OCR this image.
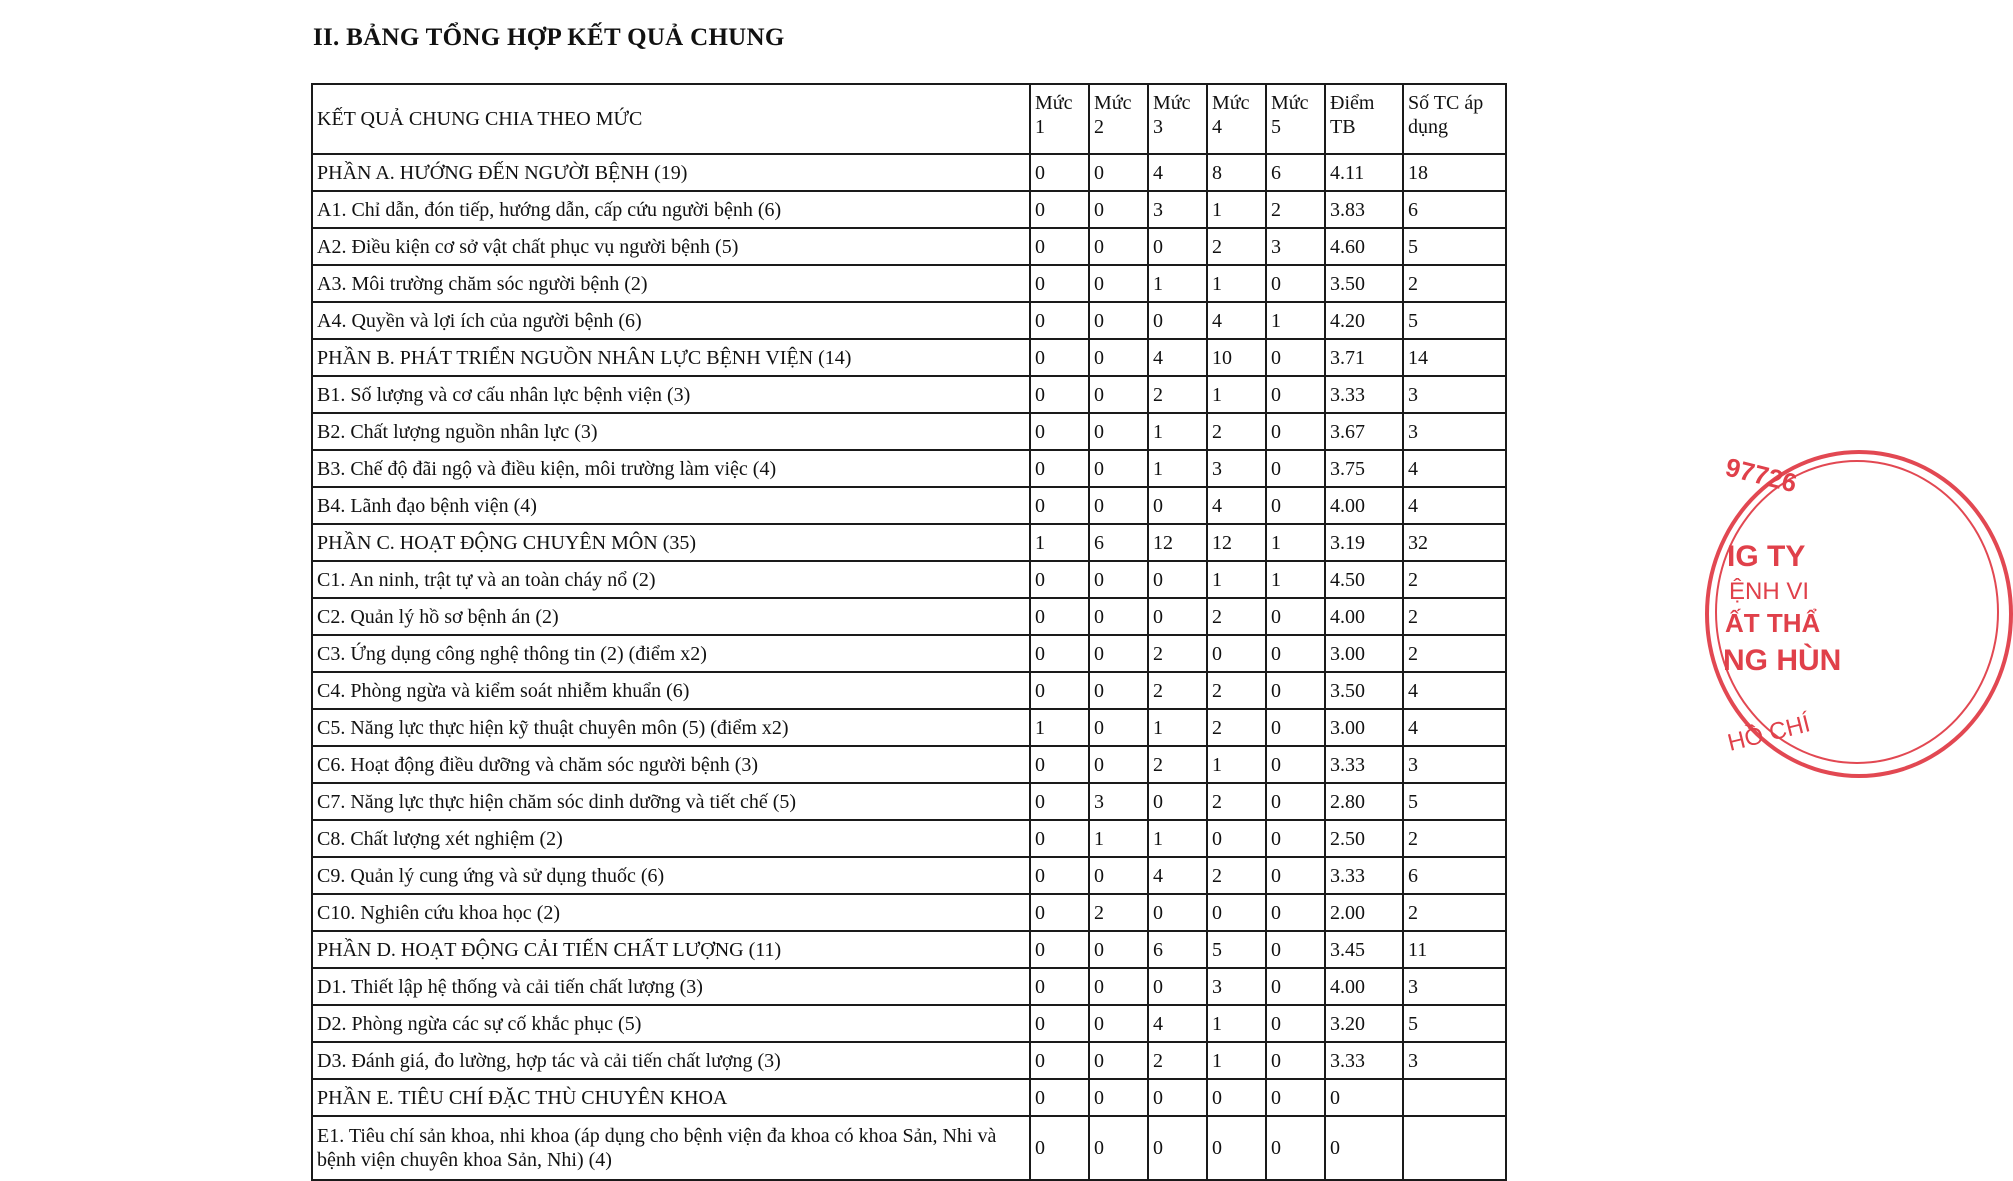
II. BẢNG TỔNG HỢP KẾT QUẢ CHUNG
KẾT QUẢ CHUNG CHIA THEO MỨC	Mức 1	Mức 2	Mức 3	Mức 4	Mức 5	Điểm TB	Số TC áp dụng
PHẦN A. HƯỚNG ĐẾN NGƯỜI BỆNH (19)	0	0	4	8	6	4.11	18
A1. Chỉ dẫn, đón tiếp, hướng dẫn, cấp cứu người bệnh (6)	0	0	3	1	2	3.83	6
A2. Điều kiện cơ sở vật chất phục vụ người bệnh (5)	0	0	0	2	3	4.60	5
A3. Môi trường chăm sóc người bệnh (2)	0	0	1	1	0	3.50	2
A4. Quyền và lợi ích của người bệnh (6)	0	0	0	4	1	4.20	5
PHẦN B. PHÁT TRIỂN NGUỒN NHÂN LỰC BỆNH VIỆN (14)	0	0	4	10	0	3.71	14
B1. Số lượng và cơ cấu nhân lực bệnh viện (3)	0	0	2	1	0	3.33	3
B2. Chất lượng nguồn nhân lực (3)	0	0	1	2	0	3.67	3
B3. Chế độ đãi ngộ và điều kiện, môi trường làm việc (4)	0	0	1	3	0	3.75	4
B4. Lãnh đạo bệnh viện (4)	0	0	0	4	0	4.00	4
PHẦN C. HOẠT ĐỘNG CHUYÊN MÔN (35)	1	6	12	12	1	3.19	32
C1. An ninh, trật tự và an toàn cháy nổ (2)	0	0	0	1	1	4.50	2
C2. Quản lý hồ sơ bệnh án (2)	0	0	0	2	0	4.00	2
C3. Ứng dụng công nghệ thông tin (2) (điểm x2)	0	0	2	0	0	3.00	2
C4. Phòng ngừa và kiểm soát nhiễm khuẩn (6)	0	0	2	2	0	3.50	4
C5. Năng lực thực hiện kỹ thuật chuyên môn (5) (điểm x2)	1	0	1	2	0	3.00	4
C6. Hoạt động điều dưỡng và chăm sóc người bệnh (3)	0	0	2	1	0	3.33	3
C7. Năng lực thực hiện chăm sóc dinh dưỡng và tiết chế (5)	0	3	0	2	0	2.80	5
C8. Chất lượng xét nghiệm (2)	0	1	1	0	0	2.50	2
C9. Quản lý cung ứng và sử dụng thuốc (6)	0	0	4	2	0	3.33	6
C10. Nghiên cứu khoa học (2)	0	2	0	0	0	2.00	2
PHẦN D. HOẠT ĐỘNG CẢI TIẾN CHẤT LƯỢNG (11)	0	0	6	5	0	3.45	11
D1. Thiết lập hệ thống và cải tiến chất lượng (3)	0	0	0	3	0	4.00	3
D2. Phòng ngừa các sự cố khắc phục (5)	0	0	4	1	0	3.20	5
D3. Đánh giá, đo lường, hợp tác và cải tiến chất lượng (3)	0	0	2	1	0	3.33	3
PHẦN E. TIÊU CHÍ ĐẶC THÙ CHUYÊN KHOA	0	0	0	0	0	0	
E1. Tiêu chí sản khoa, nhi khoa (áp dụng cho bệnh viện đa khoa có khoa Sản, Nhi và bệnh viện chuyên khoa Sản, Nhi) (4)	0	0	0	0	0	0	
97726
IG TY
ỆNH VI
ẤT THẨ
NG HÙN
HỒ CHÍ
